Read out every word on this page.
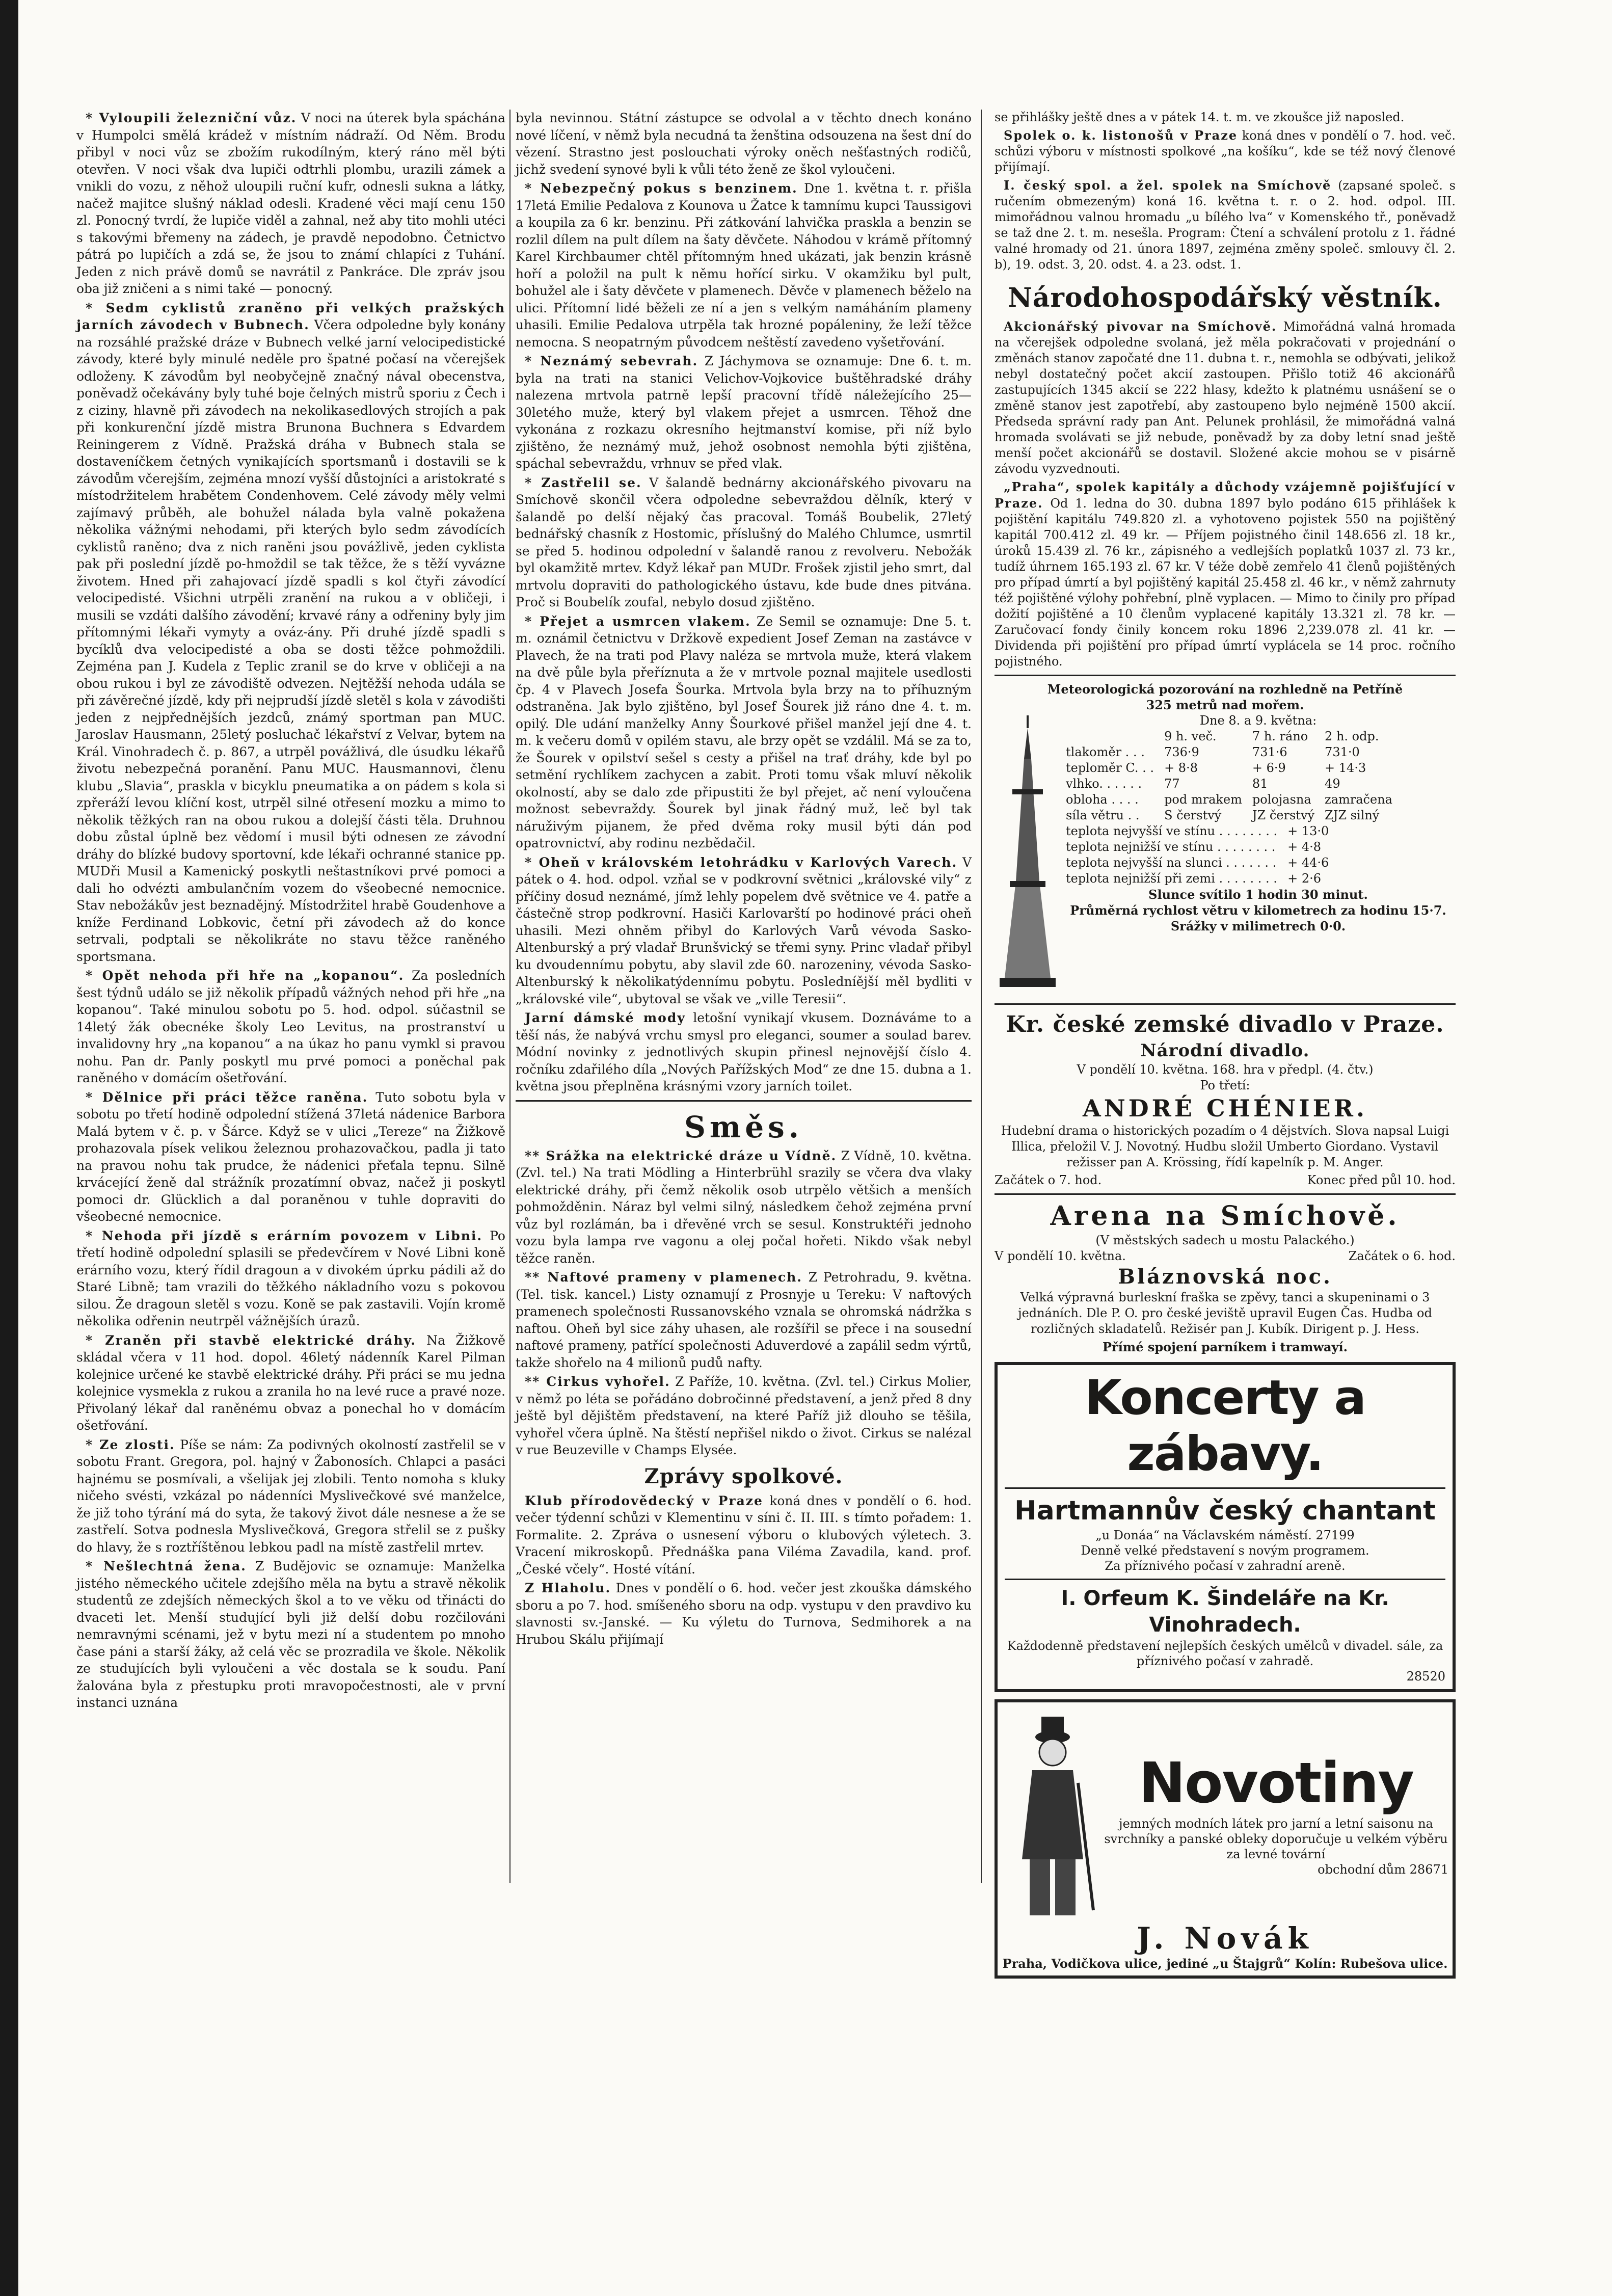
* Vyloupili železniční vůz. V noci na úterek byla spáchána v Humpolci smělá krádež v místním nádraží. Od Něm. Brodu přibyl v noci vůz se zbožím rukodílným, který ráno měl býti otevřen. V noci však dva lupiči odtrhli plombu, urazili zámek a vnikli do vozu, z něhož uloupili ruční kufr, odnesli sukna a látky, načež majitce slušný náklad odesli. Kradené věci mají cenu 150 zl. Ponocný tvrdí, že lupiče viděl a zahnal, než aby tito mohli utéci s takovými břemeny na zádech, je pravdě nepodobno. Četnictvo pátrá po lupičích a zdá se, že jsou to známí chlapíci z Tuhání. Jeden z nich právě domů se navrátil z Pankráce. Dle zpráv jsou oba již zničeni a s nimi také — ponocný.

* Sedm cyklistů zraněno při velkých pražských jarních závodech v Bubnech. Včera odpoledne byly konány na rozsáhlé pražské dráze v Bubnech velké jarní velocipedistické závody, které byly minulé neděle pro špatné počasí na včerejšek odloženy. K závodům byl neobyčejně značný nával obecenstva, poněvadž očekávány byly tuhé boje čelných mistrů sporiu z Čech i z ciziny, hlavně při závodech na nekolikasedlových strojích a pak při konkurenční jízdě mistra Brunona Buchnera s Edvardem Reiningerem z Vídně. Pražská dráha v Bubnech stala se dostaveníčkem četných vynikajících sportsmanů i dostavili se k závodům včerejším, zejména mnozí vyšší důstojníci a aristokraté s místodržitelem hrabětem Condenhovem. Celé závody měly velmi zajímavý průběh, ale bohužel nálada byla valně pokažena několika vážnými nehodami, při kterých bylo sedm závodících cyklistů raněno; dva z nich raněni jsou povážlivě, jeden cyklista pak při poslední jízdě po-hmoždil se tak těžce, že s těží vyvázne životem. Hned při zahajovací jízdě spadli s kol čtyři závodící velocipedisté. Všichni utrpěli zranění na rukou a v obličeji, i musili se vzdáti dalšího závodění; krvavé rány a odřeniny byly jim přítomnými lékaři vymyty a ováz-ány. Při druhé jízdě spadli s bycíklů dva velocipedisté a oba se dosti těžce pohmoždili. Zejména pan J. Kudela z Teplic zranil se do krve v obličeji a na obou rukou i byl ze závodiště odvezen. Nejtěžší nehoda udála se při závěrečné jízdě, kdy při nejprudší jízdě sletěl s kola v závodišti jeden z nejpřednějších jezdců, známý sportman pan MUC. Jaroslav Hausmann, 25letý posluchač lékařství z Velvar, bytem na Král. Vinohradech č. p. 867, a utrpěl povážlivá, dle úsudku lékařů životu nebezpečná poranění. Panu MUC. Hausmannovi, členu klubu „Slavia“, praskla v bicyklu pneumatika a on pádem s kola si zpřeráží levou klíční kost, utrpěl silné otřesení mozku a mimo to několik těžkých ran na obou rukou a dolejší části těla. Druhnou dobu zůstal úplně bez vědomí i musil býti odnesen ze závodní dráhy do blízké budovy sportovní, kde lékaři ochranné stanice pp. MUDři Musil a Kamenický poskytli neštastníkovi prvé pomoci a dali ho odvézti ambulančním vozem do všeobecné nemocnice. Stav nebožákův jest beznadějný. Místodržitel hrabě Goudenhove a kníže Ferdinand Lobkovic, četní při závodech až do konce setrvali, podptali se několikráte no stavu těžce raněného sportsmana.

* Opět nehoda při hře na „kopanou“. Za posledních šest týdnů událo se již několik případů vážných nehod při hře „na kopanou“. Také minulou sobotu po 5. hod. odpol. súčastnil se 14letý žák obecnéke školy Leo Levitus, na prostranství u invalidovny hry „na kopanou“ a na úkaz ho panu vymkl si pravou nohu. Pan dr. Panly poskytl mu prvé pomoci a poněchal pak raněného v domácím ošetřování.

* Dělnice při práci těžce raněna. Tuto sobotu byla v sobotu po třetí hodině odpolední stížená 37letá nádenice Barbora Malá bytem v č. p. v Šárce. Když se v ulici „Tereze“ na Žižkově prohazovala písek velikou železnou prohazovačkou, padla ji tato na pravou nohu tak prudce, že nádenici přeťala tepnu. Silně krvácející ženě dal strážník prozatímní obvaz, načež ji poskytl pomoci dr. Glücklich a dal poraněnou v tuhle dopraviti do všeobecné nemocnice.

* Nehoda při jízdě s erárním povozem v Libni. Po třetí hodině odpolední splasili se předevčírem v Nové Libni koně erárního vozu, který řídil dragoun a v divokém úprku pádili až do Staré Libně; tam vrazili do těžkého nákladního vozu s pokovou silou. Že dragoun sletěl s vozu. Koně se pak zastavili. Vojín kromě několika odřenin neutrpěl vážnějších úrazů.

* Zraněn při stavbě elektrické dráhy. Na Žižkově skládal včera v 11 hod. dopol. 46letý nádenník Karel Pilman kolejnice určené ke stavbě elektrické dráhy. Při práci se mu jedna kolejnice vysmekla z rukou a zranila ho na levé ruce a pravé noze. Přivolaný lékař dal raněnému obvaz a ponechal ho v domácím ošetřování.

* Ze zlosti. Píše se nám: Za podivných okolností zastřelil se v sobotu Frant. Gregora, pol. hajný v Žabonosích. Chlapci a pasáci hajnému se posmívali, a všelijak jej zlobili. Tento nomoha s kluky ničeho svésti, vzkázal po nádenníci Myslivečkové své manželce, že již toho týrání má do syta, že takový život dále nesnese a že se zastřelí. Sotva podnesla Myslivečková, Gregora střelil se z pušky do hlavy, že s roztříštěnou lebkou padl na místě zastřelil mrtev.

* Nešlechtná žena. Z Budějovic se oznamuje: Manželka jistého německého učitele zdejšího měla na bytu a stravě několik studentů ze zdejších německých škol a to ve věku od třinácti do dvaceti let. Menší studující byli již delší dobu rozčilováni nemravnými scénami, jež v bytu mezi ní a studentem po mnoho čase páni a starší žáky, až celá věc se prozradila ve škole. Několik ze studujících byli vyloučeni a věc dostala se k soudu. Paní žalována byla z přestupku proti mravopočestnosti, ale v první instanci uznána

byla nevinnou. Státní zástupce se odvolal a v těchto dnech konáno nové líčení, v němž byla necudná ta ženština odsouzena na šest dní do vězení. Strastno jest poslouchati výroky oněch nešťastných rodičů, jichž svedení synové byli k vůli této ženě ze škol vyloučeni.

* Nebezpečný pokus s benzinem. Dne 1. května t. r. přišla 17letá Emilie Pedalova z Kounova u Žatce k tamnímu kupci Taussigovi a koupila za 6 kr. benzinu. Při zátkování lahvička praskla a benzin se rozlil dílem na pult dílem na šaty děvčete. Náhodou v krámě přítomný Karel Kirchbaumer chtěl přítomným hned ukázati, jak benzin krásně hoří a položil na pult k němu hořící sirku. V okamžiku byl pult, bohužel ale i šaty děvčete v plamenech. Děvče v plamenech běželo na ulici. Přítomní lidé běželi ze ní a jen s velkým namáháním plameny uhasili. Emilie Pedalova utrpěla tak hrozné popáleniny, že leží těžce nemocna. S neopatrným původcem neštěstí zavedeno vyšetřování.

* Neznámý sebevrah. Z Jáchymova se oznamuje: Dne 6. t. m. byla na trati na stanici Velichov-Vojkovice buštěhradské dráhy nalezena mrtvola patrně lepší pracovní třídě náležejícího 25—30letého muže, který byl vlakem přejet a usmrcen. Těhož dne vykonána z rozkazu okresního hejtmanství komise, při níž bylo zjištěno, že neznámý muž, jehož osobnost nemohla býti zjištěna, spáchal sebevraždu, vrhnuv se před vlak.

* Zastřelil se. V šalandě bednárny akcionářského pivovaru na Smíchově skončil včera odpoledne sebevraždou dělník, který v šalandě po delší nějaký čas pracoval. Tomáš Boubelik, 27letý bednářský chasník z Hostomic, příslušný do Malého Chlumce, usmrtil se před 5. hodinou odpolední v šalandě ranou z revolveru. Nebožák byl okamžitě mrtev. Když lékař pan MUDr. Frošek zjistil jeho smrt, dal mrtvolu dopraviti do pathologického ústavu, kde bude dnes pitvána. Proč si Boubelík zoufal, nebylo dosud zjištěno.

* Přejet a usmrcen vlakem. Ze Semil se oznamuje: Dne 5. t. m. oznámil četnictvu v Držkově expedient Josef Zeman na zastávce v Plavech, že na trati pod Plavy naléza se mrtvola muže, která vlakem na dvě půle byla přeříznuta a že v mrtvole poznal majitele usedlosti čp. 4 v Plavech Josefa Šourka. Mrtvola byla brzy na to příhuzným odstraněna. Jak bylo zjištěno, byl Josef Šourek již ráno dne 4. t. m. opilý. Dle udání manželky Anny Šourkové přišel manžel její dne 4. t. m. k večeru domů v opilém stavu, ale brzy opět se vzdálil. Má se za to, že Šourek v opilství sešel s cesty a přišel na trať dráhy, kde byl po setmění rychlíkem zachycen a zabit. Proti tomu však mluví několik okolností, aby se dalo zde připustiti že byl přejet, ač není vyloučena možnost sebevraždy. Šourek byl jinak řádný muž, leč byl tak náruživým pijanem, že před dvěma roky musil býti dán pod opatrovnictví, aby rodinu nezbědačil.

* Oheň v královském letohrádku v Karlových Varech. V pátek o 4. hod. odpol. vzňal se v podkrovní světnici „královské vily“ z příčiny dosud neznámé, jímž lehly popelem dvě světnice ve 4. patře a částečně strop podkrovní. Hasiči Karlovarští po hodinové práci oheň uhasili. Mezi ohněm přibyl do Karlových Varů vévoda Sasko-Altenburský a prý vladař Brunšvický se třemi syny. Princ vladař přibyl ku dvoudennímu pobytu, aby slavil zde 60. narozeniny, vévoda Sasko-Altenburský k několikatýdennímu pobytu. Posledníější měl bydliti v „královské vile“, ubytoval se však ve „ville Teresii“.

Jarní dámské mody letošní vynikají vkusem. Doznáváme to a těší nás, že nabývá vrchu smysl pro eleganci, soumer a soulad barev. Módní novinky z jednotlivých skupin přinesl nejnovější číslo 4. ročníku zdařilého díla „Nových Pařížských Mod“ ze dne 15. dubna a 1. května jsou přeplněna krásnými vzory jarních toilet.

Směs.

** Srážka na elektrické dráze u Vídně. Z Vídně, 10. května. (Zvl. tel.) Na trati Mödling a Hinterbrühl srazily se včera dva vlaky elektrické dráhy, při čemž několik osob utrpělo většich a menších pohmožděnin. Náraz byl velmi silný, následkem čehož zejména první vůz byl rozlámán, ba i dřevěné vrch se sesul. Konstruktéři jednoho vozu byla lampa rve vagonu a olej počal hořeti. Nikdo však nebyl těžce raněn.

** Naftové prameny v plamenech. Z Petrohradu, 9. května. (Tel. tisk. kancel.) Listy oznamují z Prosnyje u Tereku: V naftových pramenech společnosti Russanovského vznala se ohromská nádržka s naftou. Oheň byl sice záhy uhasen, ale rozšířil se přece i na sousední naftové prameny, patřící společnosti Aduverdové a zapálil sedm výrtů, takže shořelo na 4 milionů pudů nafty.

** Cirkus vyhořel. Z Paříže, 10. května. (Zvl. tel.) Cirkus Molier, v němž po léta se pořádáno dobročinné představení, a jenž před 8 dny ještě byl dějištěm představení, na které Paříž již dlouho se těšila, vyhořel včera úplně. Na štěstí nepřišel nikdo o život. Cirkus se nalézal v rue Beuzeville v Champs Elysée.

Zprávy spolkové.

Klub přírodovědecký v Praze koná dnes v pondělí o 6. hod. večer týdenní schůzi v Klementinu v síni č. II. III. s tímto pořadem: 1. Formalite. 2. Zpráva o usnesení výboru o klubových výletech. 3. Vracení mikroskopů. Přednáška pana Viléma Zavadila, kand. prof. „České včely“. Hosté vítání.

Z Hlaholu. Dnes v pondělí o 6. hod. večer jest zkouška dámského sboru a po 7. hod. smíšeného sboru na odp. vystupu v den pravdivo ku slavnosti sv.-Janské. — Ku výletu do Turnova, Sedmihorek a na Hrubou Skálu přijímají

se přihlášky ještě dnes a v pátek 14. t. m. ve zkoušce již naposled.

Spolek o. k. listonošů v Praze koná dnes v pondělí o 7. hod. več. schůzi výboru v místnosti spolkové „na košíku“, kde se též nový členové přijímají.

I. český spol. a žel. spolek na Smíchově (zapsané společ. s ručením obmezeným) koná 16. května t. r. o 2. hod. odpol. III. mimořádnou valnou hromadu „u bílého lva“ v Komenského tř., poněvadž se taž dne 2. t. m. nesešla. Program: Čtení a schválení protolu z 1. řádné valné hromady od 21. února 1897, zejména změny společ. smlouvy čl. 2. b), 19. odst. 3, 20. odst. 4. a 23. odst. 1.

Národohospodářský věstník.

Akcionářský pivovar na Smíchově. Mimořádná valná hromada na včerejšek odpoledne svolaná, jež měla pokračovati v projednání o změnách stanov započaté dne 11. dubna t. r., nemohla se odbývati, jelikož nebyl dostatečný počet akcií zastoupen. Přišlo totiž 46 akcionářů zastupujících 1345 akcií se 222 hlasy, kdežto k platnému usnášení se o změně stanov jest zapotřebí, aby zastoupeno bylo nejméně 1500 akcií. Předseda správní rady pan Ant. Pelunek prohlásil, že mimořádná valná hromada svolávati se již nebude, poněvadž by za doby letní snad ještě menší počet akcionářů se dostavil. Složené akcie mohou se v pisárně závodu vyzvednouti.

„Praha“, spolek kapitály a důchody vzájemně pojišťující v Praze. Od 1. ledna do 30. dubna 1897 bylo podáno 615 přihlášek k pojištění kapitálu 749.820 zl. a vyhotoveno pojistek 550 na pojištěný kapitál 700.412 zl. 49 kr. — Příjem pojistného činil 148.656 zl. 18 kr., úroků 15.439 zl. 76 kr., zápisného a vedlejších poplatků 1037 zl. 73 kr., tudíž úhrnem 165.193 zl. 67 kr. V téže době zemřelo 41 členů pojištěných pro případ úmrtí a byl pojištěný kapitál 25.458 zl. 46 kr., v němž zahrnuty též pojištěné výlohy pohřební, plně vyplacen. — Mimo to činily pro případ dožití pojištěné a 10 členům vyplacené kapitály 13.321 zl. 78 kr. — Zaručovací fondy činily koncem roku 1896 2,239.078 zl. 41 kr. — Dividenda při pojištění pro případ úmrtí vyplácela se 14 proc. ročního pojistného.

Meteorologická pozorování na rozhledně na Petříně
325 metrů nad mořem.
Dne 8. a 9. května:
	9 h. več.	7 h. ráno	2 h. odp.
tlakoměr . . .	736·9	731·6	731·0
teploměr C. . .	+ 8·8	+ 6·9	+ 14·3
vlhko. . . . . .	77	81	49
obloha . . . .	pod mrakem	polojasna	zamračena
síla větru . .	S čerstvý	JZ čerstvý	ZJZ silný
teplota nejvyšší ve stínu . . . . . . . .	+ 13·0
teplota nejnižší ve stínu . . . . . . . .	+ 4·8
teplota nejvyšší na slunci . . . . . . .	+ 44·6
teplota nejnižší při zemi . . . . . . . .	+ 2·6
Slunce svítilo 1 hodin 30 minut.
Průměrná rychlost větru v kilometrech za hodinu 15·7.
Srážky v milimetrech 0·0.
Kr. české zemské divadlo v Praze.
Národní divadlo.
V pondělí 10. května. 168. hra v předpl. (4. čtv.)
Po třetí:
ANDRÉ CHÉNIER.

Hudební drama o historických pozadím o 4 dějstvích. Slova napsal Luigi Illica, přeložil V. J. Novotný. Hudbu složil Umberto Giordano. Vystavil režisser pan A. Krössing, řídí kapelník p. M. Anger.

Začátek o 7. hod.	Konec před půl 10. hod.
Arena na Smíchově.
(V městských sadech u mostu Palackého.)
V pondělí 10. května.	Začátek o 6. hod.
Bláznovská noc.

Velká výpravná burleskní fraška se zpěvy, tanci a skupeninami o 3 jednáních. Dle P. O. pro české jeviště upravil Eugen Čas. Hudba od rozličných skladatelů. Režisér pan J. Kubík. Dirigent p. J. Hess.

Přímé spojení parníkem i tramwayí.
Koncerty a zábavy.
Hartmannův český chantant
„u Donáa“ na Václavském náměstí. 27199
Denně velké představení s novým programem.
Za příznivého počasí v zahradní areně.
I. Orfeum K. Šindeláře na Kr. Vinohradech.
Každodenně představení nejlepších českých umělců v divadel. sále, za příznivého počasí v zahradě.
28520
Novotiny
jemných modních látek pro jarní a letní saisonu na svrchníky a panské obleky doporučuje u velkém výběru za levné tovární
obchodní dům 28671
J. Novák
Praha, Vodičkova ulice, jediné „u Štajgrů“ Kolín: Rubešova ulice.
